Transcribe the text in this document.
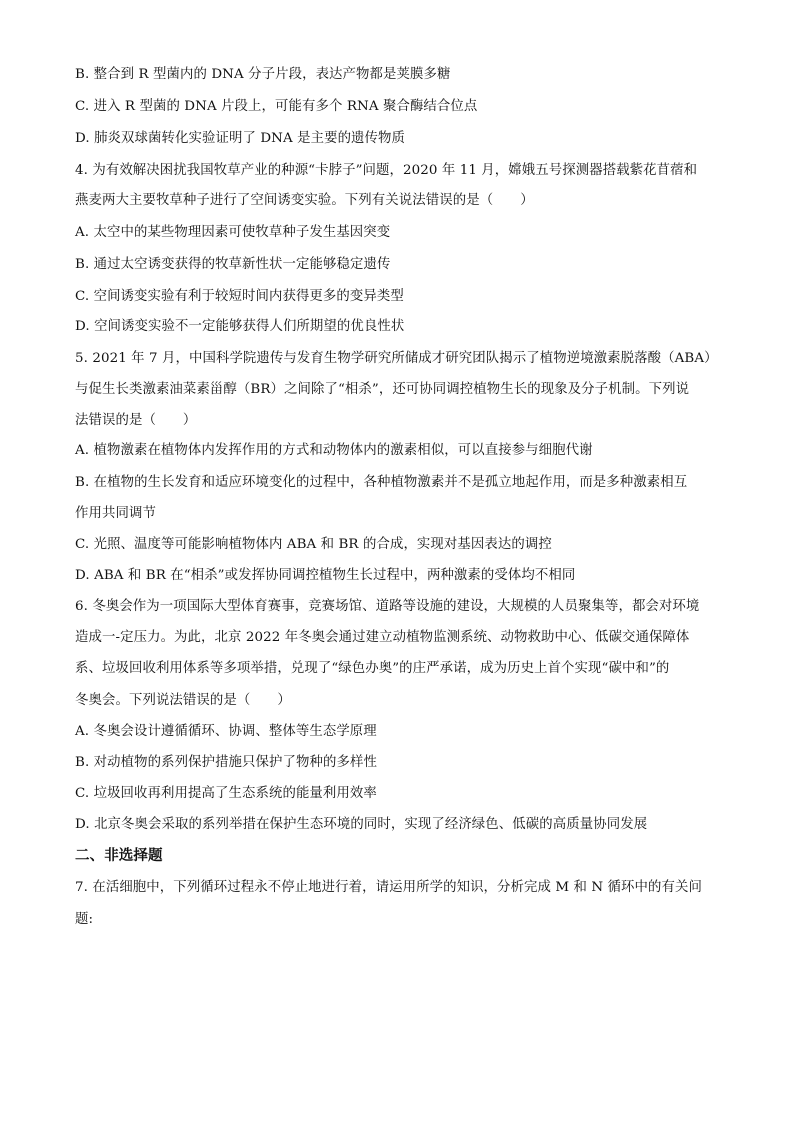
B. 整合到 R 型菌内的 DNA 分子片段，表达产物都是荚膜多糖
C. 进入 R 型菌的 DNA 片段上，可能有多个 RNA 聚合酶结合位点
D. 肺炎双球菌转化实验证明了 DNA 是主要的遗传物质
4. 为有效解决困扰我国牧草产业的种源“卡脖子”问题，2020 年 11 月，嫦娥五号探测器搭载紫花苜蓿和
燕麦两大主要牧草种子进行了空间诱变实验。下列有关说法错误的是（　　）
A. 太空中的某些物理因素可使牧草种子发生基因突变
B. 通过太空诱变获得的牧草新性状一定能够稳定遗传
C. 空间诱变实验有利于较短时间内获得更多的变异类型
D. 空间诱变实验不一定能够获得人们所期望的优良性状
5. 2021 年 7 月，中国科学院遗传与发育生物学研究所储成才研究团队揭示了植物逆境激素脱落酸（ABA）
与促生长类激素油菜素甾醇（BR）之间除了“相杀”，还可协同调控植物生长的现象及分子机制。下列说
法错误的是（　　）
A. 植物激素在植物体内发挥作用的方式和动物体内的激素相似，可以直接参与细胞代谢
B. 在植物的生长发育和适应环境变化的过程中，各种植物激素并不是孤立地起作用，而是多种激素相互
作用共同调节
C. 光照、温度等可能影响植物体内 ABA 和 BR 的合成，实现对基因表达的调控
D. ABA 和 BR 在“相杀”或发挥协同调控植物生长过程中，两种激素的受体均不相同
6. 冬奥会作为一项国际大型体育赛事，竞赛场馆、道路等设施的建设，大规模的人员聚集等，都会对环境
造成一-定压力。为此，北京 2022 年冬奥会通过建立动植物监测系统、动物救助中心、低碳交通保障体
系、垃圾回收利用体系等多项举措，兑现了“绿色办奥”的庄严承诺，成为历史上首个实现“碳中和”的
冬奥会。下列说法错误的是（　　）
A. 冬奥会设计遵循循环、协调、整体等生态学原理
B. 对动植物的系列保护措施只保护了物种的多样性
C. 垃圾回收再利用提高了生态系统的能量利用效率
D. 北京冬奥会采取的系列举措在保护生态环境的同时，实现了经济绿色、低碳的高质量协同发展
二、非选择题
7. 在活细胞中，下列循环过程永不停止地进行着，请运用所学的知识，分析完成 M 和 N 循环中的有关问
题:
